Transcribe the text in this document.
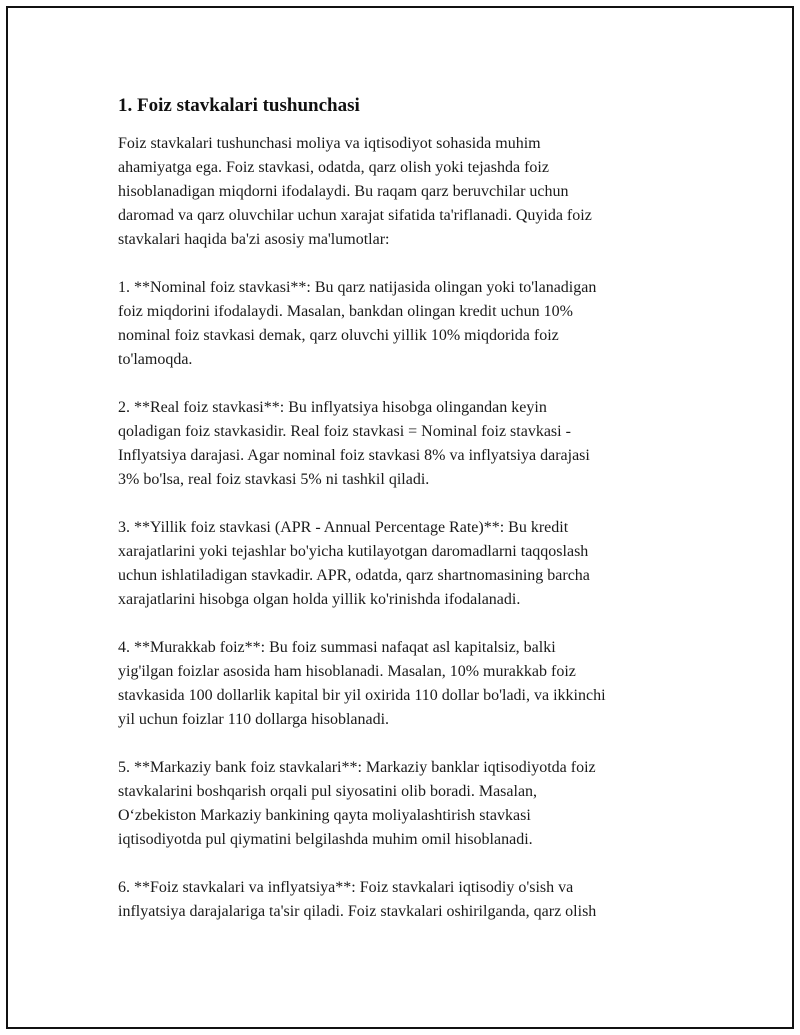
1. Foiz stavkalari tushunchasi

Foiz stavkalari tushunchasi moliya va iqtisodiyot sohasida muhim
ahamiyatga ega. Foiz stavkasi, odatda, qarz olish yoki tejashda foiz
hisoblanadigan miqdorni ifodalaydi. Bu raqam qarz beruvchilar uchun
daromad va qarz oluvchilar uchun xarajat sifatida ta'riflanadi. Quyida foiz
stavkalari haqida ba'zi asosiy ma'lumotlar:

1. **Nominal foiz stavkasi**: Bu qarz natijasida olingan yoki to'lanadigan
foiz miqdorini ifodalaydi. Masalan, bankdan olingan kredit uchun 10%
nominal foiz stavkasi demak, qarz oluvchi yillik 10% miqdorida foiz
to'lamoqda.

2. **Real foiz stavkasi**: Bu inflyatsiya hisobga olingandan keyin
qoladigan foiz stavkasidir. Real foiz stavkasi = Nominal foiz stavkasi -
Inflyatsiya darajasi. Agar nominal foiz stavkasi 8% va inflyatsiya darajasi
3% bo'lsa, real foiz stavkasi 5% ni tashkil qiladi.

3. **Yillik foiz stavkasi (APR - Annual Percentage Rate)**: Bu kredit
xarajatlarini yoki tejashlar bo'yicha kutilayotgan daromadlarni taqqoslash
uchun ishlatiladigan stavkadir. APR, odatda, qarz shartnomasining barcha
xarajatlarini hisobga olgan holda yillik ko'rinishda ifodalanadi.

4. **Murakkab foiz**: Bu foiz summasi nafaqat asl kapitalsiz, balki
yig'ilgan foizlar asosida ham hisoblanadi. Masalan, 10% murakkab foiz
stavkasida 100 dollarlik kapital bir yil oxirida 110 dollar bo'ladi, va ikkinchi
yil uchun foizlar 110 dollarga hisoblanadi.

5. **Markaziy bank foiz stavkalari**: Markaziy banklar iqtisodiyotda foiz
stavkalarini boshqarish orqali pul siyosatini olib boradi. Masalan,
O‘zbekiston Markaziy bankining qayta moliyalashtirish stavkasi
iqtisodiyotda pul qiymatini belgilashda muhim omil hisoblanadi.

6. **Foiz stavkalari va inflyatsiya**: Foiz stavkalari iqtisodiy o'sish va
inflyatsiya darajalariga ta'sir qiladi. Foiz stavkalari oshirilganda, qarz olish
